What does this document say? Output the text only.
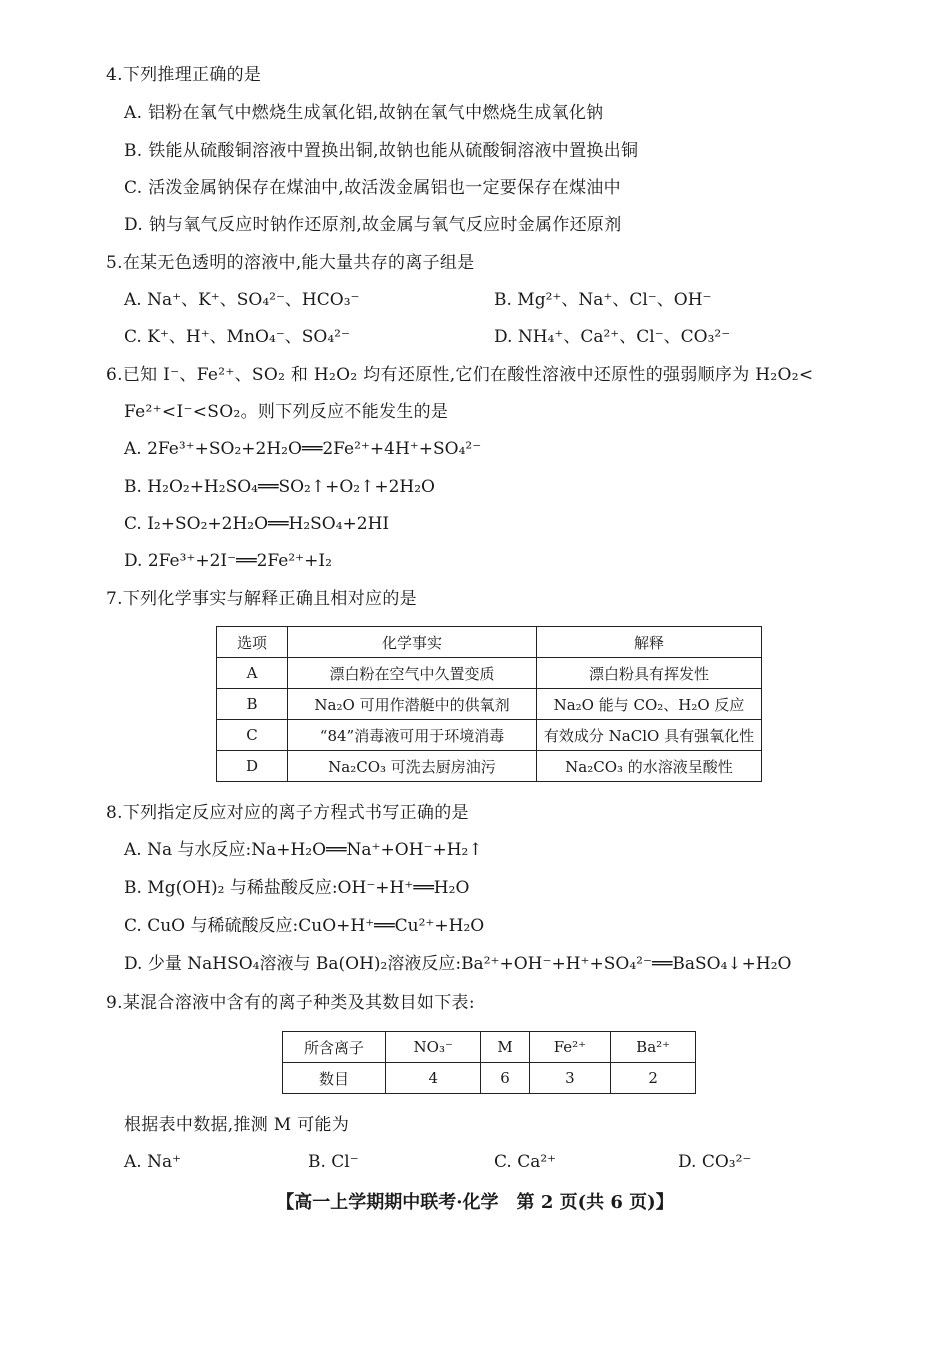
4.下列推理正确的是
A. 铝粉在氧气中燃烧生成氧化铝,故钠在氧气中燃烧生成氧化钠
B. 铁能从硫酸铜溶液中置换出铜,故钠也能从硫酸铜溶液中置换出铜
C. 活泼金属钠保存在煤油中,故活泼金属铝也一定要保存在煤油中
D. 钠与氧气反应时钠作还原剂,故金属与氧气反应时金属作还原剂
5.在某无色透明的溶液中,能大量共存的离子组是
A. Na⁺、K⁺、SO₄²⁻、HCO₃⁻	B. Mg²⁺、Na⁺、Cl⁻、OH⁻
C. K⁺、H⁺、MnO₄⁻、SO₄²⁻	D. NH₄⁺、Ca²⁺、Cl⁻、CO₃²⁻
6.已知 I⁻、Fe²⁺、SO₂ 和 H₂O₂ 均有还原性,它们在酸性溶液中还原性的强弱顺序为 H₂O₂<
Fe²⁺<I⁻<SO₂。则下列反应不能发生的是
A. 2Fe³⁺+SO₂+2H₂O══2Fe²⁺+4H⁺+SO₄²⁻
B. H₂O₂+H₂SO₄══SO₂↑+O₂↑+2H₂O
C. I₂+SO₂+2H₂O══H₂SO₄+2HI
D. 2Fe³⁺+2I⁻══2Fe²⁺+I₂
7.下列化学事实与解释正确且相对应的是
选项	化学事实	解释
A	漂白粉在空气中久置变质	漂白粉具有挥发性
B	Na₂O 可用作潜艇中的供氧剂	Na₂O 能与 CO₂、H₂O 反应
C	“84”消毒液可用于环境消毒	有效成分 NaClO 具有强氧化性
D	Na₂CO₃ 可洗去厨房油污	Na₂CO₃ 的水溶液呈酸性
8.下列指定反应对应的离子方程式书写正确的是
A. Na 与水反应:Na+H₂O══Na⁺+OH⁻+H₂↑
B. Mg(OH)₂ 与稀盐酸反应:OH⁻+H⁺══H₂O
C. CuO 与稀硫酸反应:CuO+H⁺══Cu²⁺+H₂O
D. 少量 NaHSO₄溶液与 Ba(OH)₂溶液反应:Ba²⁺+OH⁻+H⁺+SO₄²⁻══BaSO₄↓+H₂O
9.某混合溶液中含有的离子种类及其数目如下表:
所含离子	NO₃⁻	M	Fe²⁺	Ba²⁺
数目	4	6	3	2
根据表中数据,推测 M 可能为
A. Na⁺	B. Cl⁻	C. Ca²⁺	D. CO₃²⁻
【高一上学期期中联考·化学　第 2 页(共 6 页)】
